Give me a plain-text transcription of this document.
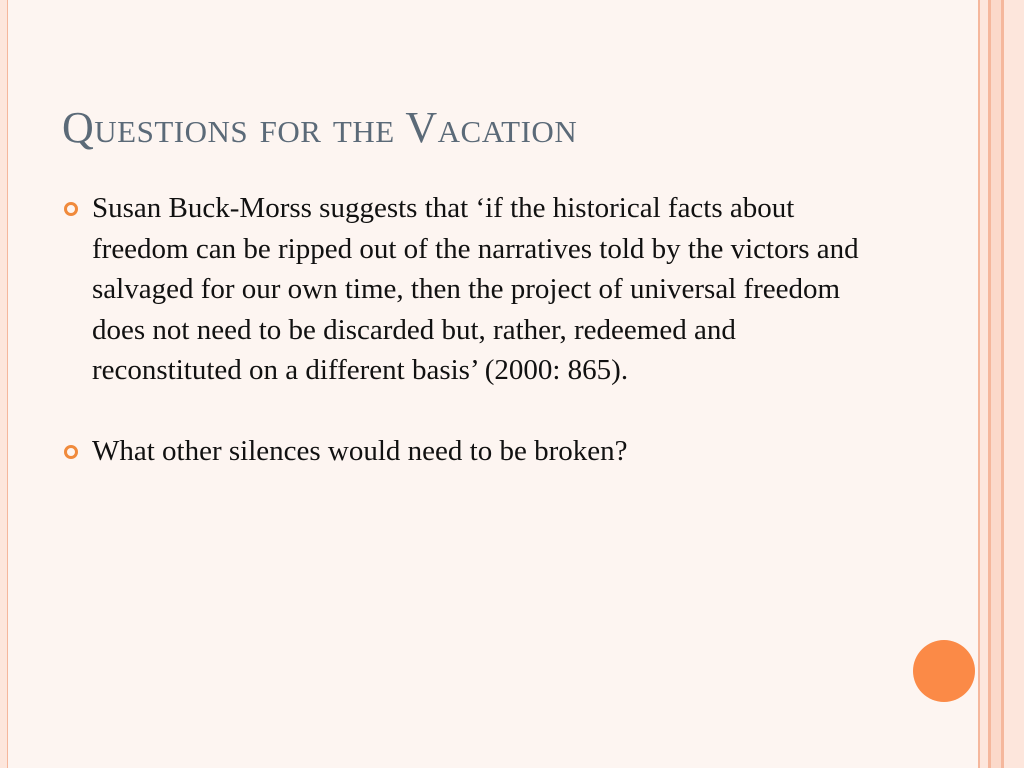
Questions for the Vacation
Susan Buck-Morss suggests that ‘if the historical facts about freedom can be ripped out of the narratives told by the victors and salvaged for our own time, then the project of universal freedom does not need to be discarded but, rather, redeemed and reconstituted on a different basis’ (2000: 865).
What other silences would need to be broken?
